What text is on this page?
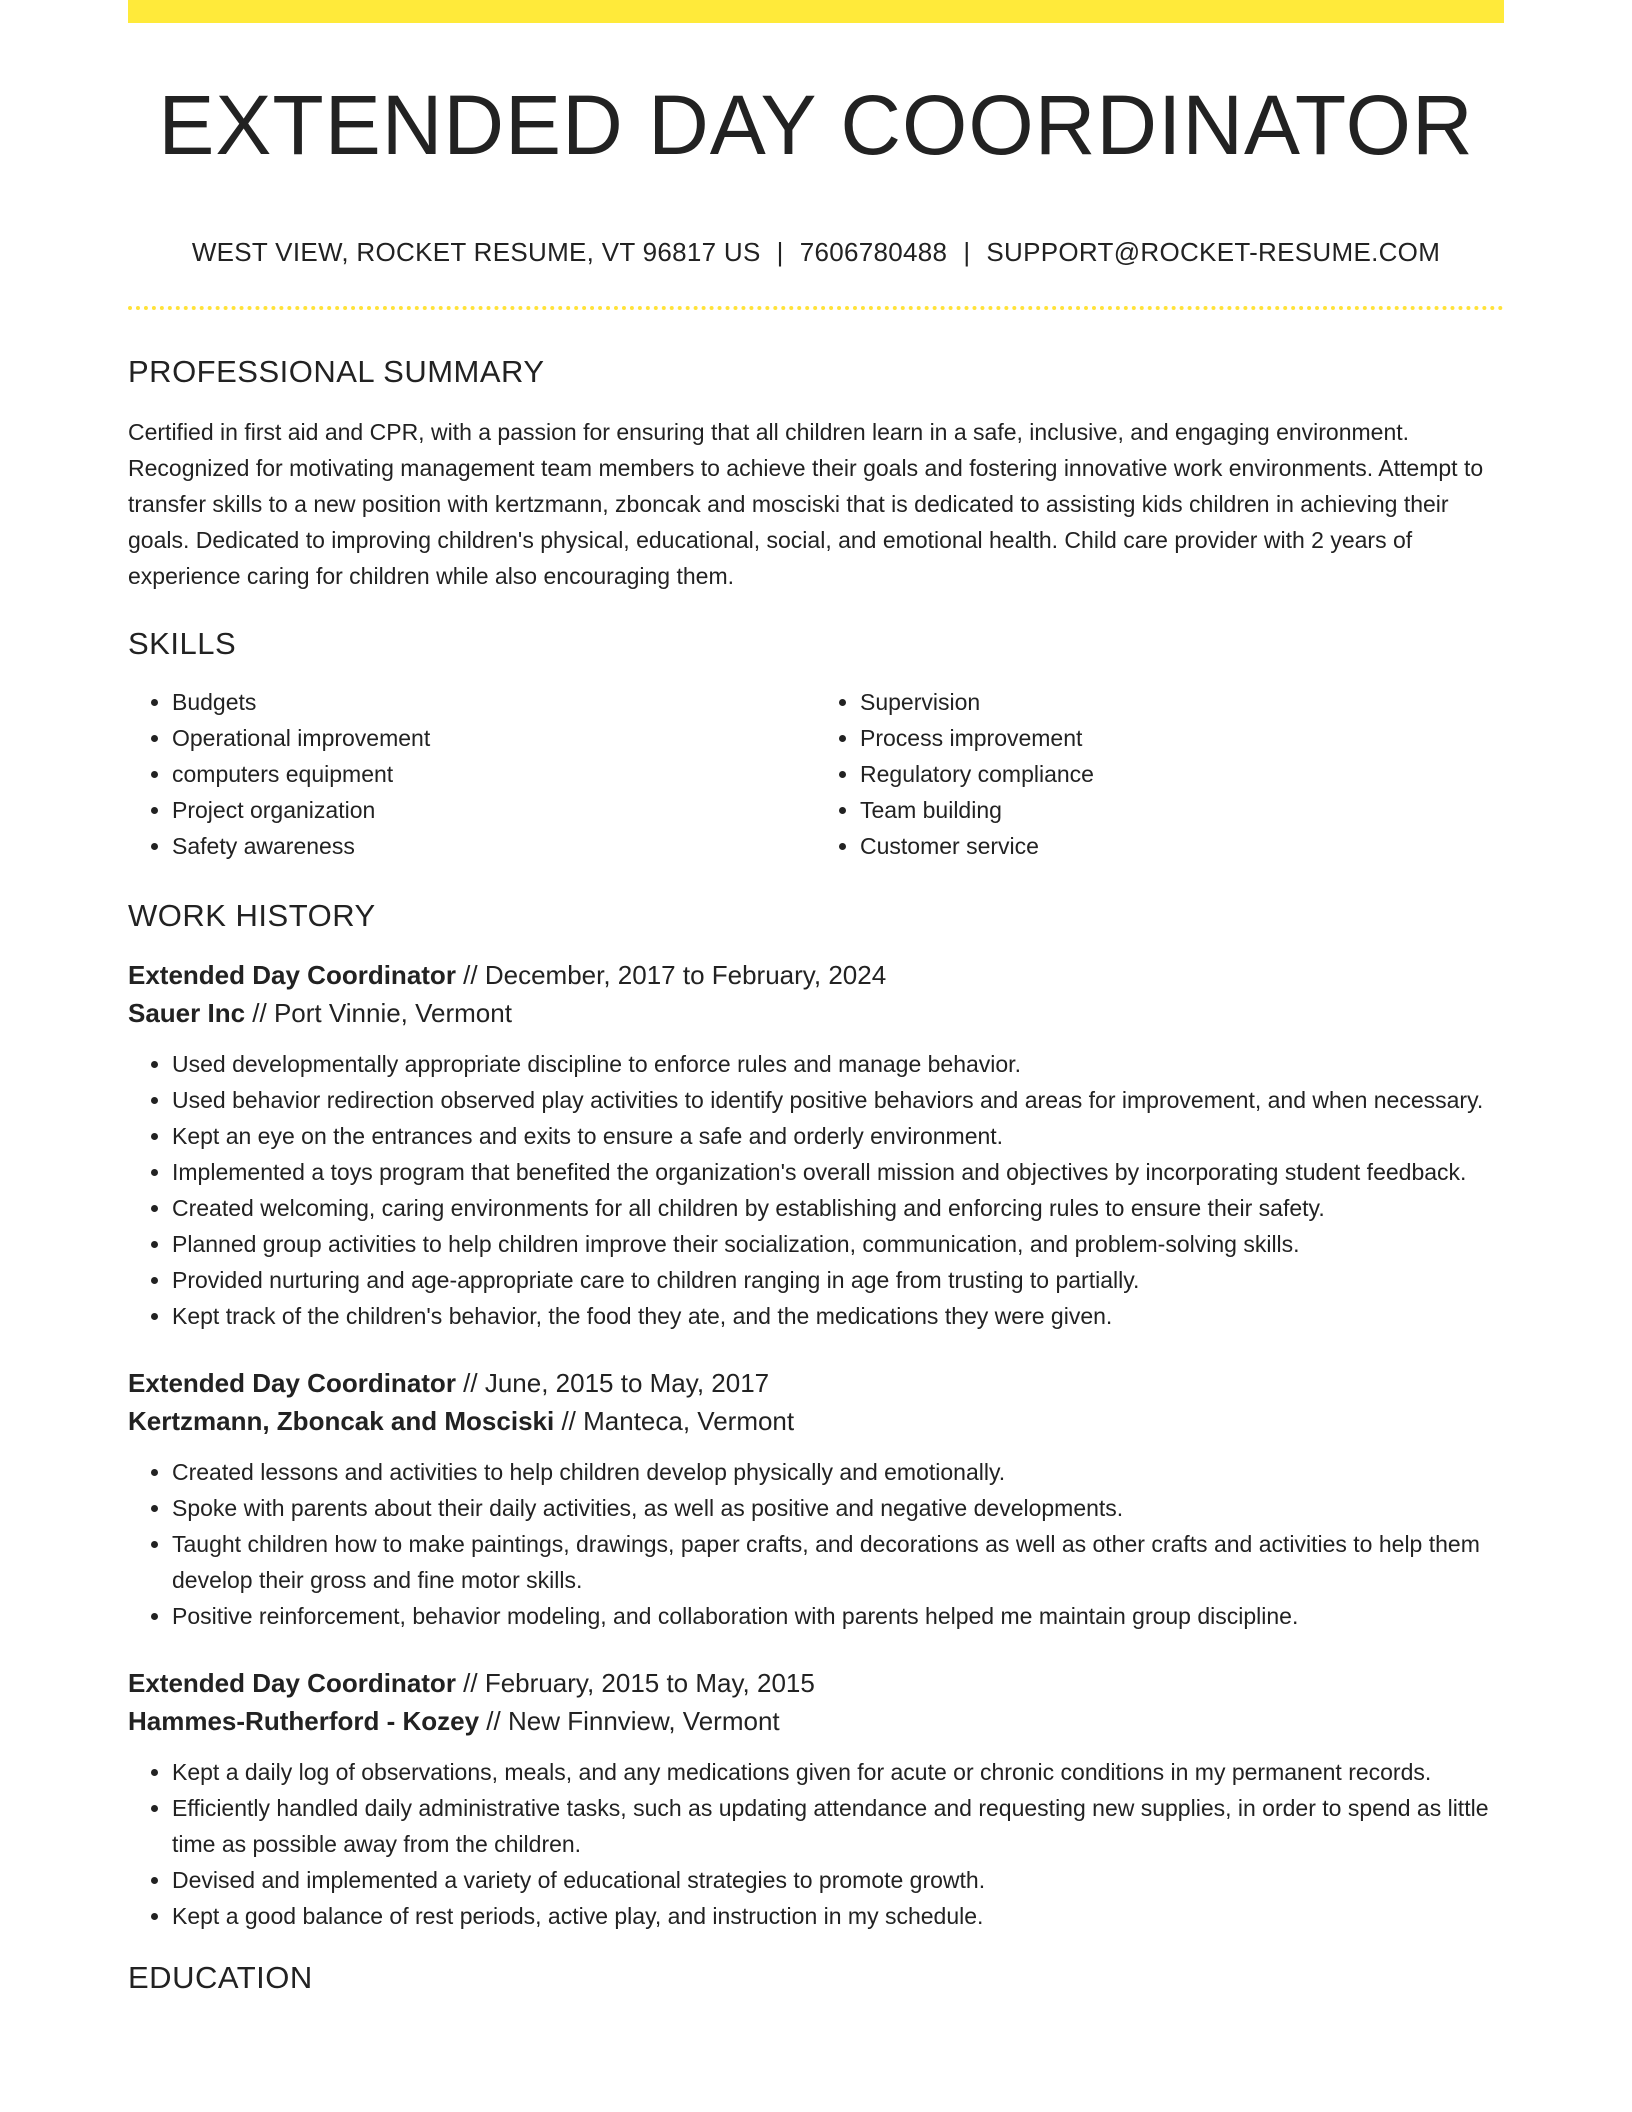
EXTENDED DAY COORDINATOR
WEST VIEW, ROCKET RESUME, VT 96817 US | 7606780488 | SUPPORT@ROCKET-RESUME.COM
PROFESSIONAL SUMMARY

Certified in first aid and CPR, with a passion for ensuring that all children learn in a safe, inclusive, and engaging environment. Recognized for motivating management team members to achieve their goals and fostering innovative work environments. Attempt to transfer skills to a new position with kertzmann, zboncak and mosciski that is dedicated to assisting kids children in achieving their goals. Dedicated to improving children's physical, educational, social, and emotional health. Child care provider with 2 years of experience caring for children while also encouraging them.

SKILLS
• Budgets
• Operational improvement
• computers equipment
• Project organization
• Safety awareness
• Supervision
• Process improvement
• Regulatory compliance
• Team building
• Customer service
WORK HISTORY
Extended Day Coordinator // December, 2017 to February, 2024
Sauer Inc // Port Vinnie, Vermont
• Used developmentally appropriate discipline to enforce rules and manage behavior.
• Used behavior redirection observed play activities to identify positive behaviors and areas for improvement, and when necessary.
• Kept an eye on the entrances and exits to ensure a safe and orderly environment.
• Implemented a toys program that benefited the organization's overall mission and objectives by incorporating student feedback.
• Created welcoming, caring environments for all children by establishing and enforcing rules to ensure their safety.
• Planned group activities to help children improve their socialization, communication, and problem-solving skills.
• Provided nurturing and age-appropriate care to children ranging in age from trusting to partially.
• Kept track of the children's behavior, the food they ate, and the medications they were given.
Extended Day Coordinator // June, 2015 to May, 2017
Kertzmann, Zboncak and Mosciski // Manteca, Vermont
• Created lessons and activities to help children develop physically and emotionally.
• Spoke with parents about their daily activities, as well as positive and negative developments.
• Taught children how to make paintings, drawings, paper crafts, and decorations as well as other crafts and activities to help them develop their gross and fine motor skills.
• Positive reinforcement, behavior modeling, and collaboration with parents helped me maintain group discipline.
Extended Day Coordinator // February, 2015 to May, 2015
Hammes-Rutherford - Kozey // New Finnview, Vermont
• Kept a daily log of observations, meals, and any medications given for acute or chronic conditions in my permanent records.
• Efficiently handled daily administrative tasks, such as updating attendance and requesting new supplies, in order to spend as little time as possible away from the children.
• Devised and implemented a variety of educational strategies to promote growth.
• Kept a good balance of rest periods, active play, and instruction in my schedule.
EDUCATION
